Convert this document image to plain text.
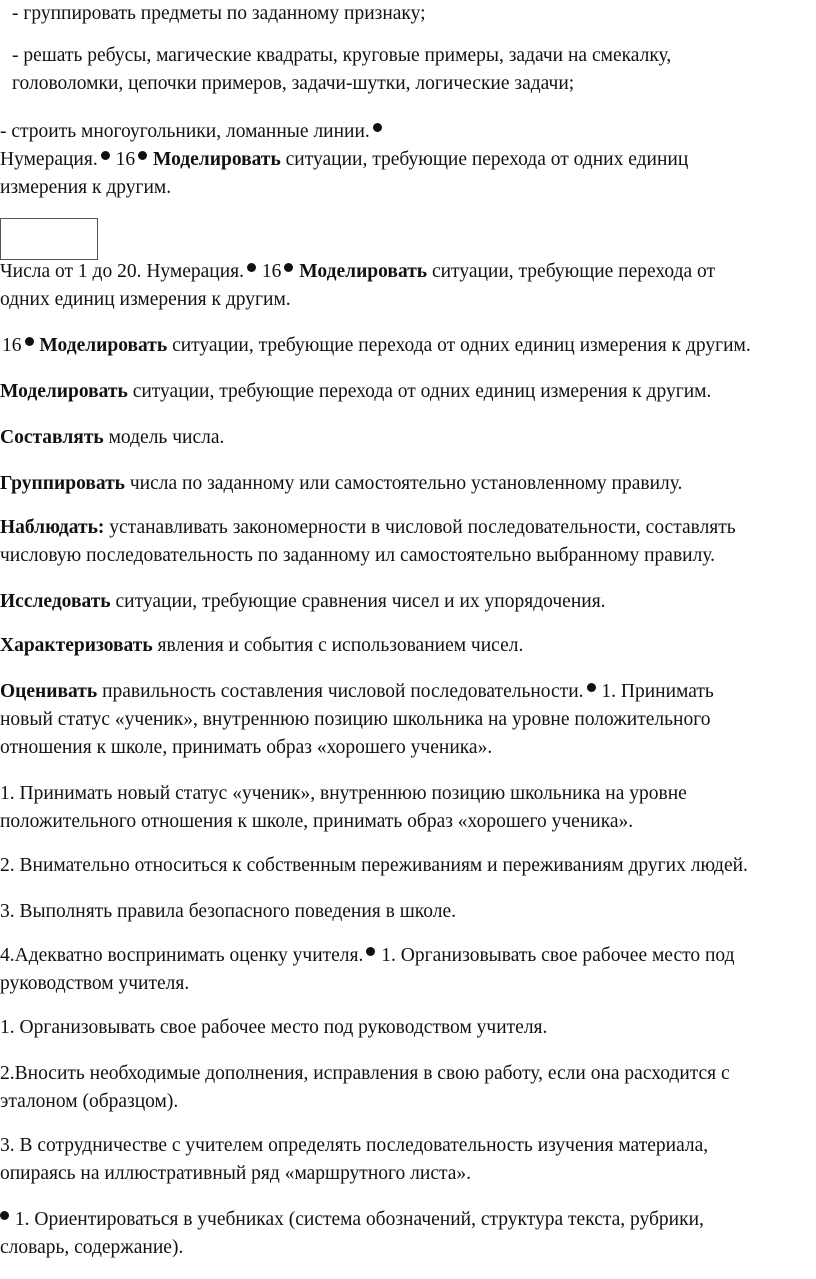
- группировать предметы по заданному признаку;

- решать ребусы, магические квадраты, круговые примеры, задачи на смекалку,

головоломки, цепочки примеров, задачи-шутки, логические задачи;

- строить многоугольники, ломанные линии.

Нумерация. 16 Моделировать ситуации, требующие перехода от одних единиц

измерения к другим.

Числа от 1 до 20. Нумерация. 16 Моделировать ситуации, требующие перехода от

одних единиц измерения к другим.

16 Моделировать ситуации, требующие перехода от одних единиц измерения к другим.

Моделировать ситуации, требующие перехода от одних единиц измерения к другим.

Составлять модель числа.

Группировать числа по заданному или самостоятельно установленному правилу.

Наблюдать: устанавливать закономерности в числовой последовательности, составлять

числовую последовательность по заданному ил самостоятельно выбранному правилу.

Исследовать ситуации, требующие сравнения чисел и их упорядочения.

Характеризовать явления и события с использованием чисел.

Оценивать правильность составления числовой последовательности. 1. Принимать

новый статус «ученик», внутреннюю позицию школьника на уровне положительного

отношения к школе, принимать образ «хорошего ученика».

1. Принимать новый статус «ученик», внутреннюю позицию школьника на уровне

положительного отношения к школе, принимать образ «хорошего ученика».

2. Внимательно относиться к собственным переживаниям и переживаниям других людей.

3. Выполнять правила безопасного поведения в школе.

4.Адекватно воспринимать оценку учителя. 1. Организовывать свое рабочее место под

руководством учителя.

1. Организовывать свое рабочее место под руководством учителя.

2.Вносить необходимые дополнения, исправления в свою работу, если она расходится с

эталоном (образцом).

3. В сотрудничестве с учителем определять последовательность изучения материала,

опираясь на иллюстративный ряд «маршрутного листа».

1. Ориентироваться в учебниках (система обозначений, структура текста, рубрики,

словарь, содержание).
